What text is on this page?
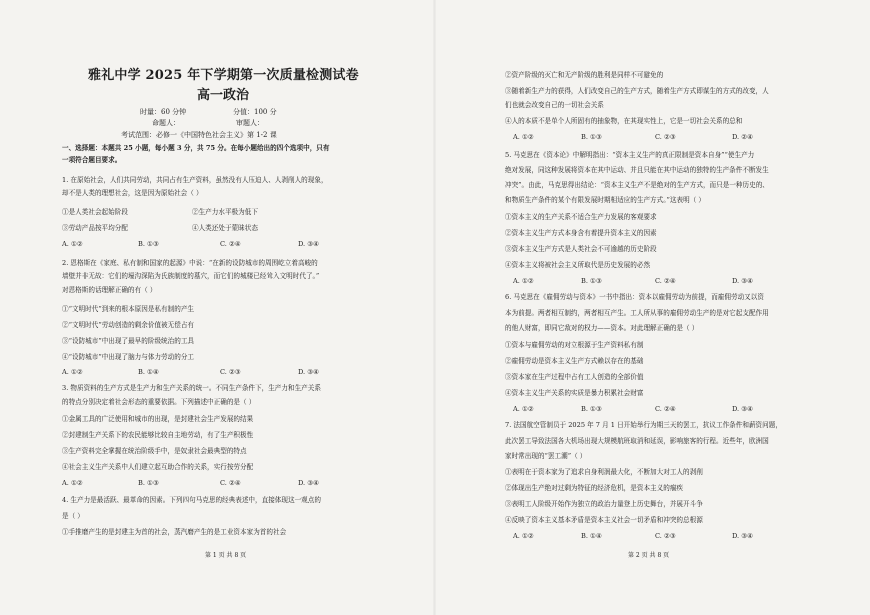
雅礼中学 2025 年下学期第一次质量检测试卷
高一政治
时量：60 分钟	分值：100 分
命题人：	审题人：
考试范围：必修一《中国特色社会主义》第 1-2 课
一、选择题：本题共 25 小题，每小题 3 分，共 75 分。在每小题给出的四个选项中，只有
一项符合题目要求。
1. 在原始社会，人们共同劳动，共同占有生产资料，虽然没有人压迫人、人剥削人的现象，
却不是人类的理想社会，这是因为原始社会（ ）
①是人类社会起始阶段	②生产力水平极为低下
③劳动产品按平均分配	④人类还处于蒙昧状态
A. ①②	B. ①③	C. ②④	D. ③④
2. 恩格斯在《家庭、私有制和国家的起源》中说：“在新的设防城市的周围屹立着高峻的
墙壁并非无故：它们的壕沟深陷为氏族制度的墓穴，而它们的城楼已经耸入文明时代了。”
对恩格斯的话理解正确的有（ ）
①“文明时代”到来的根本原因是私有制的产生
②“文明时代”劳动创造的剩余价值被无偿占有
③“设防城市”中出现了最早的阶级统治的工具
④“设防城市”中出现了脑力与体力劳动的分工
A. ①②	B. ①④	C. ②③	D. ③④
3. 物质资料的生产方式是生产力和生产关系的统一。不同生产条件下，生产力和生产关系
的特点分别决定着社会形态的重要依据。下列描述中正确的是（ ）
①金属工具的广泛使用和城市的出现，是封建社会生产发展的结果
②封建制生产关系下的农民能够比较自主地劳动，有了生产积极性
③生产资料完全掌握在统治阶级手中，是奴隶社会最典型的特点
④社会主义生产关系中人们建立起互助合作的关系，实行按劳分配
A. ①②	B. ①③	C. ②④	D. ③④
4. 生产力是最活跃、最革命的因素。下列四句马克思的经典表述中，直接体现这一观点的
是（ ）
①手推磨产生的是封建主为首的社会，蒸汽磨产生的是工业资本家为首的社会
第 1 页 共 8 页
②资产阶级的灭亡和无产阶级的胜利是同样不可避免的
③随着新生产力的获得，人们改变自己的生产方式，随着生产方式即谋生的方式的改变，人
们也就会改变自己的一切社会关系
④人的本质不是单个人所固有的抽象物，在其现实性上，它是一切社会关系的总和
A. ①②	B. ①③	C. ②③	D. ②④
5. 马克思在《资本论》中解明指出：“资本主义生产的真正限制是资本自身”“使生产力
绝对发展，同这种发展将资本在其中运动、并且只能在其中运动的独特的生产条件不断发生
冲突”。由此，马克思得出结论：“资本主义生产不是绝对的生产方式，而只是一种历史的、
和物质生产条件的某个有限发展时期相适应的生产方式。”这表明（ ）
①资本主义的生产关系不适合生产力发展的客观要求
②资本主义生产方式本身含有着提升资本主义的因素
③资本主义生产方式是人类社会不可逾越的历史阶段
④资本主义将被社会主义所取代是历史发展的必然
A. ①②	B. ①③	C. ②④	D. ③④
6. 马克思在《雇佣劳动与资本》一书中指出：资本以雇佣劳动为前提，而雇佣劳动又以资
本为前提。两者相互制约，两者相互产生。工人所从事的雇佣劳动生产的是对它起支配作用
的他人财富，即同它敌对的权力——资本。对此理解正确的是（ ）
①资本与雇佣劳动的对立根源于生产资料私有制
②雇佣劳动是资本主义生产方式赖以存在的基础
③资本家在生产过程中占有工人创造的全部价值
④资本主义生产关系的实质是暴力积累社会财富
A. ①②	B. ①③	C. ②④	D. ③④
7. 法国航空管制员于 2025 年 7 月 1 日开始举行为期三天的罢工，抗议工作条件和薪资问题，
此次罢工导致法国各大机场出现大规模航班取消和延误，影响旅客的行程。近些年，欧洲国
家时常出现的“罢工潮”（ ）
①表明在于资本家为了追求自身利润最大化，不断加大对工人的剥削
②体现出生产绝对过剩为特征的经济危机，是资本主义的痼疾
③表明工人阶级开始作为独立的政治力量登上历史舞台，并展开斗争
④反映了资本主义基本矛盾是资本主义社会一切矛盾和冲突的总根源
A. ①②	B. ①④	C. ②③	D. ③④
第 2 页 共 8 页
